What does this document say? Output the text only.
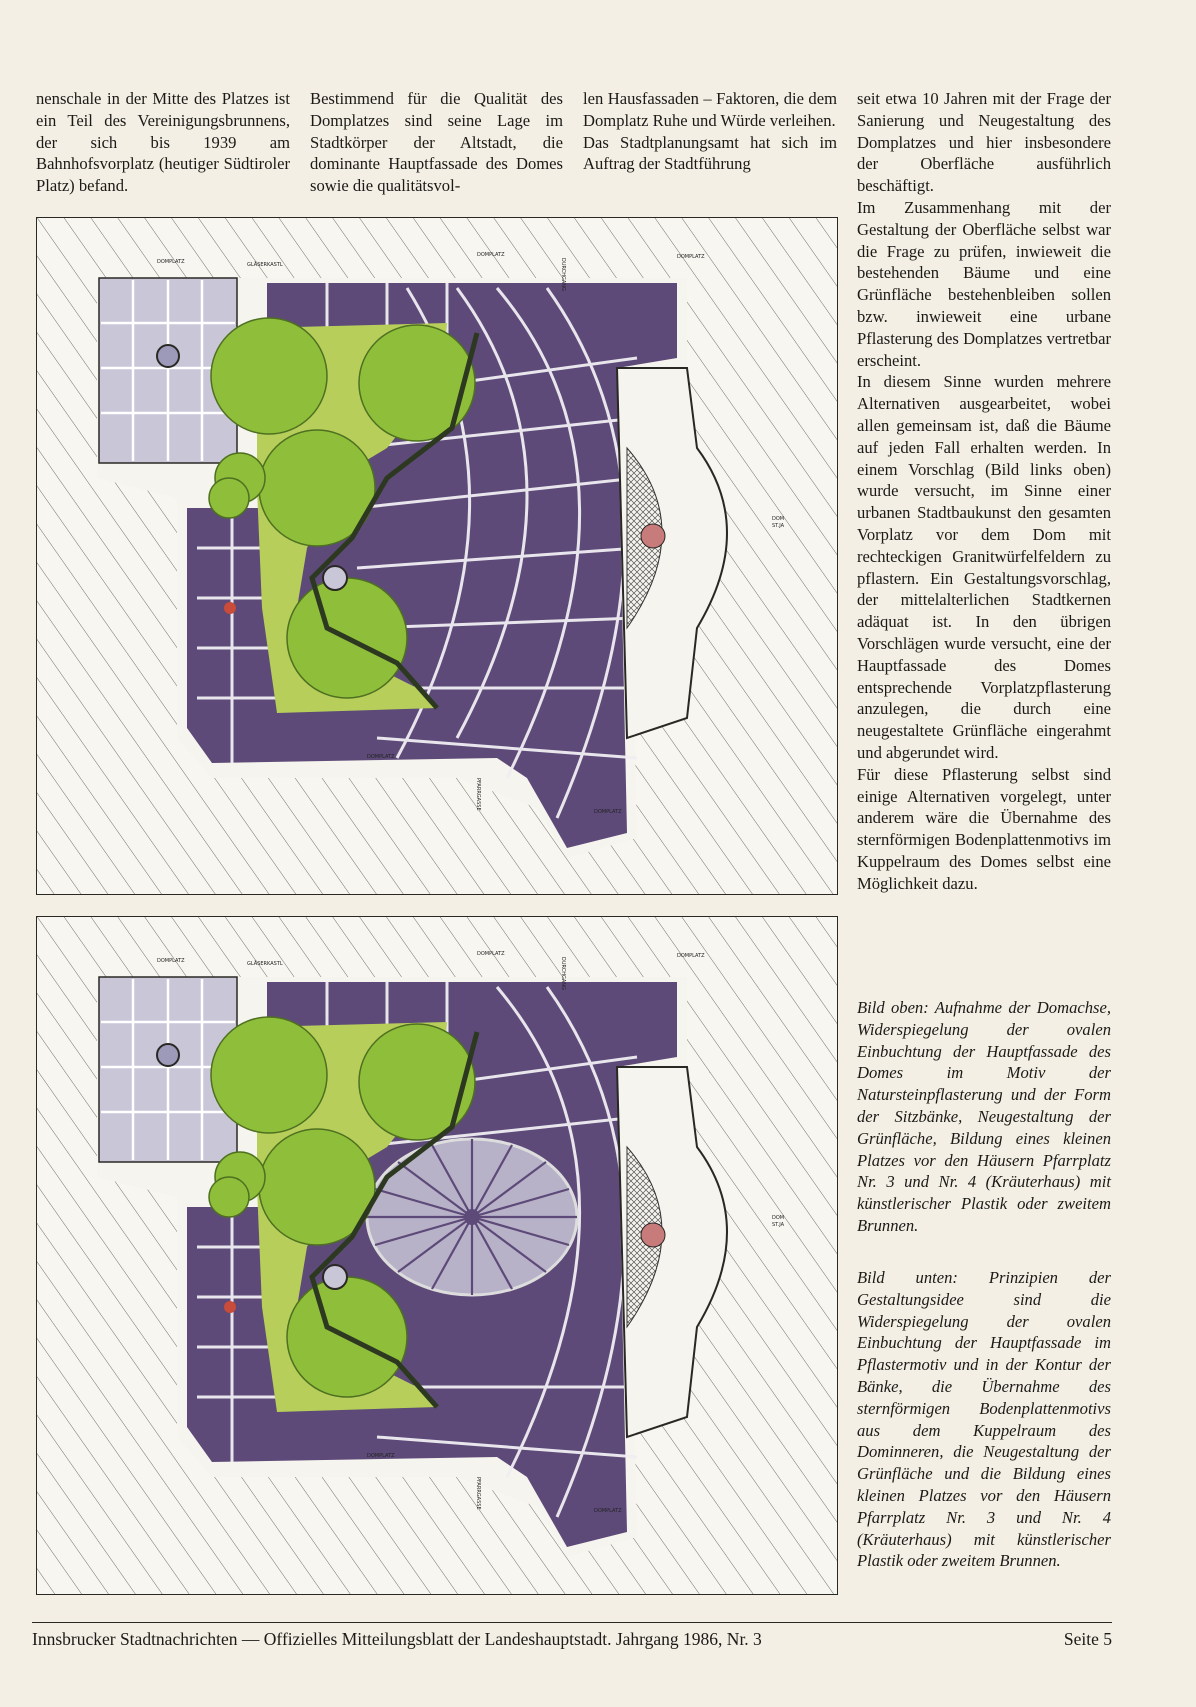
nenschale in der Mitte des Platzes ist ein Teil des Vereinigungsbrunnens, der sich bis 1939 am Bahnhofsvorplatz (heutiger Südtiroler Platz) befand.

Bestimmend für die Qualität des Domplatzes sind seine Lage im Stadtkörper der Altstadt, die dominante Hauptfassade des Domes sowie die qualitätsvol-

len Hausfassaden – Faktoren, die dem Domplatz Ruhe und Würde verleihen.

Das Stadtplanungsamt hat sich im Auftrag der Stadtführung

seit etwa 10 Jahren mit der Frage der Sanierung und Neugestaltung des Domplatzes und hier insbesondere der Oberfläche ausführlich beschäftigt.

Im Zusammenhang mit der Gestaltung der Oberfläche selbst war die Frage zu prüfen, inwieweit die bestehenden Bäume und eine Grünfläche bestehenbleiben sollen bzw. inwieweit eine urbane Pflasterung des Domplatzes vertretbar erscheint.

In diesem Sinne wurden mehrere Alternativen ausgearbeitet, wobei allen gemeinsam ist, daß die Bäume auf jeden Fall erhalten werden. In einem Vorschlag (Bild links oben) wurde versucht, im Sinne einer urbanen Stadtbaukunst den gesamten Vorplatz vor dem Dom mit rechteckigen Granitwürfelfeldern zu pflastern. Ein Gestaltungsvorschlag, der mittelalterlichen Stadtkernen adäquat ist. In den übrigen Vorschlägen wurde versucht, eine der Hauptfassade des Domes entsprechende Vorplatzpflasterung anzulegen, die durch eine neugestaltete Grünfläche eingerahmt und abgerundet wird.

Für diese Pflasterung selbst sind einige Alternativen vorgelegt, unter anderem wäre die Übernahme des sternförmigen Bodenplattenmotivs im Kuppelraum des Domes selbst eine Möglichkeit dazu.

Bild oben: Aufnahme der Domachse, Widerspiegelung der ovalen Einbuchtung der Hauptfassade des Domes im Motiv der Natursteinpflasterung und der Form der Sitzbänke, Neugestaltung der Grünfläche, Bildung eines kleinen Platzes vor den Häusern Pfarrplatz Nr. 3 und Nr. 4 (Kräuterhaus) mit künstlerischer Plastik oder zweitem Brunnen.
Bild unten: Prinzipien der Gestaltungsidee sind die Widerspiegelung der ovalen Einbuchtung der Hauptfassade im Pflastermotiv und in der Kontur der Bänke, die Übernahme des sternförmigen Bodenplattenmotivs aus dem Kuppelraum des Dominneren, die Neugestaltung der Grünfläche und die Bildung eines kleinen Platzes vor den Häusern Pfarrplatz Nr. 3 und Nr. 4 (Kräuterhaus) mit künstlerischer Plastik oder zweitem Brunnen.
DOMPLATZ	GLÄSERKASTL
DOMPLATZ
DURCHGANG
DOMPLATZ
DOM
ST.JA
DOMPLATZ
DOMPLATZ
PFARRGASSE
DOMPLATZ	GLÄSERKASTL
DOMPLATZ
DURCHGANG
DOMPLATZ
DOM
ST.JA
DOMPLATZ
DOMPLATZ
PFARRGASSE
Innsbrucker Stadtnachrichten — Offizielles Mitteilungsblatt der Landeshauptstadt. Jahrgang 1986, Nr. 3	Seite 5
